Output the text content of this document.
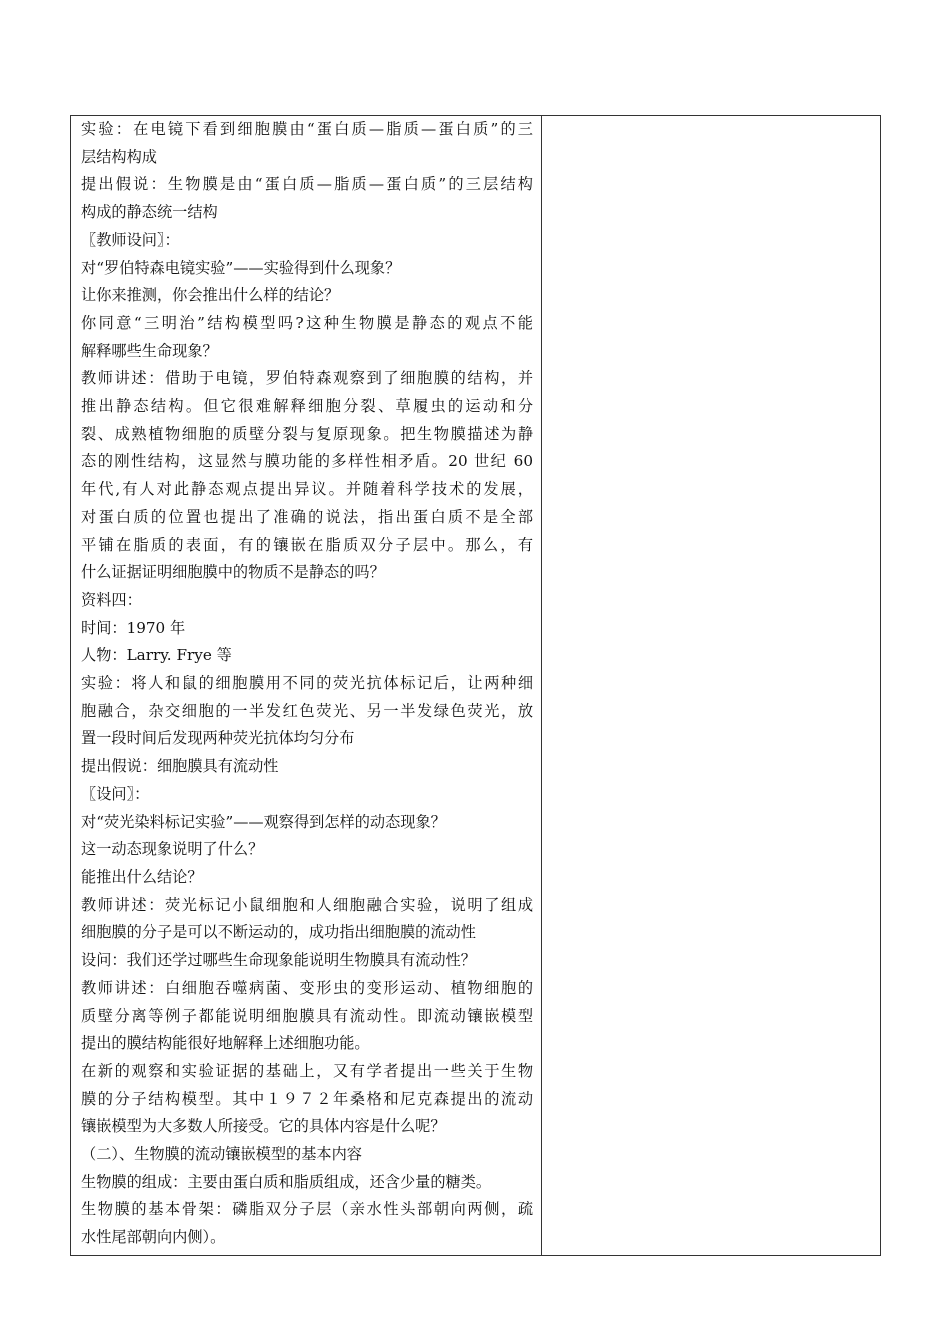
实验：在电镜下看到细胞膜由“蛋白质—脂质—蛋白质”的三

层结构构成

提出假说：生物膜是由“蛋白质—脂质—蛋白质”的三层结构

构成的静态统一结构

〖教师设问〗：

对“罗伯特森电镜实验”——实验得到什么现象？

让你来推测，你会推出什么样的结论？

你同意“三明治”结构模型吗?这种生物膜是静态的观点不能

解释哪些生命现象？

教师讲述：借助于电镜，罗伯特森观察到了细胞膜的结构，并

推出静态结构。但它很难解释细胞分裂、草履虫的运动和分

裂、成熟植物细胞的质壁分裂与复原现象。把生物膜描述为静

态的刚性结构，这显然与膜功能的多样性相矛盾。20 世纪 60

年代,有人对此静态观点提出异议。并随着科学技术的发展，

对蛋白质的位置也提出了准确的说法，指出蛋白质不是全部

平铺在脂质的表面，有的镶嵌在脂质双分子层中。那么，有

什么证据证明细胞膜中的物质不是静态的吗？

资料四：

时间：1970 年

人物：Larry. Frye 等

实验：将人和鼠的细胞膜用不同的荧光抗体标记后，让两种细

胞融合，杂交细胞的一半发红色荧光、另一半发绿色荧光，放

置一段时间后发现两种荧光抗体均匀分布

提出假说：细胞膜具有流动性

〖设问〗：

对“荧光染料标记实验”——观察得到怎样的动态现象？

这一动态现象说明了什么？

能推出什么结论？

教师讲述：荧光标记小鼠细胞和人细胞融合实验，说明了组成

细胞膜的分子是可以不断运动的，成功指出细胞膜的流动性

设问：我们还学过哪些生命现象能说明生物膜具有流动性？

教师讲述：白细胞吞噬病菌、变形虫的变形运动、植物细胞的

质壁分离等例子都能说明细胞膜具有流动性。即流动镶嵌模型

提出的膜结构能很好地解释上述细胞功能。

在新的观察和实验证据的基础上，又有学者提出一些关于生物

膜的分子结构模型。其中１９７２年桑格和尼克森提出的流动

镶嵌模型为大多数人所接受。它的具体内容是什么呢？

（二）、生物膜的流动镶嵌模型的基本内容

生物膜的组成：主要由蛋白质和脂质组成，还含少量的糖类。

生物膜的基本骨架：磷脂双分子层（亲水性头部朝向两侧，疏

水性尾部朝向内侧）。
